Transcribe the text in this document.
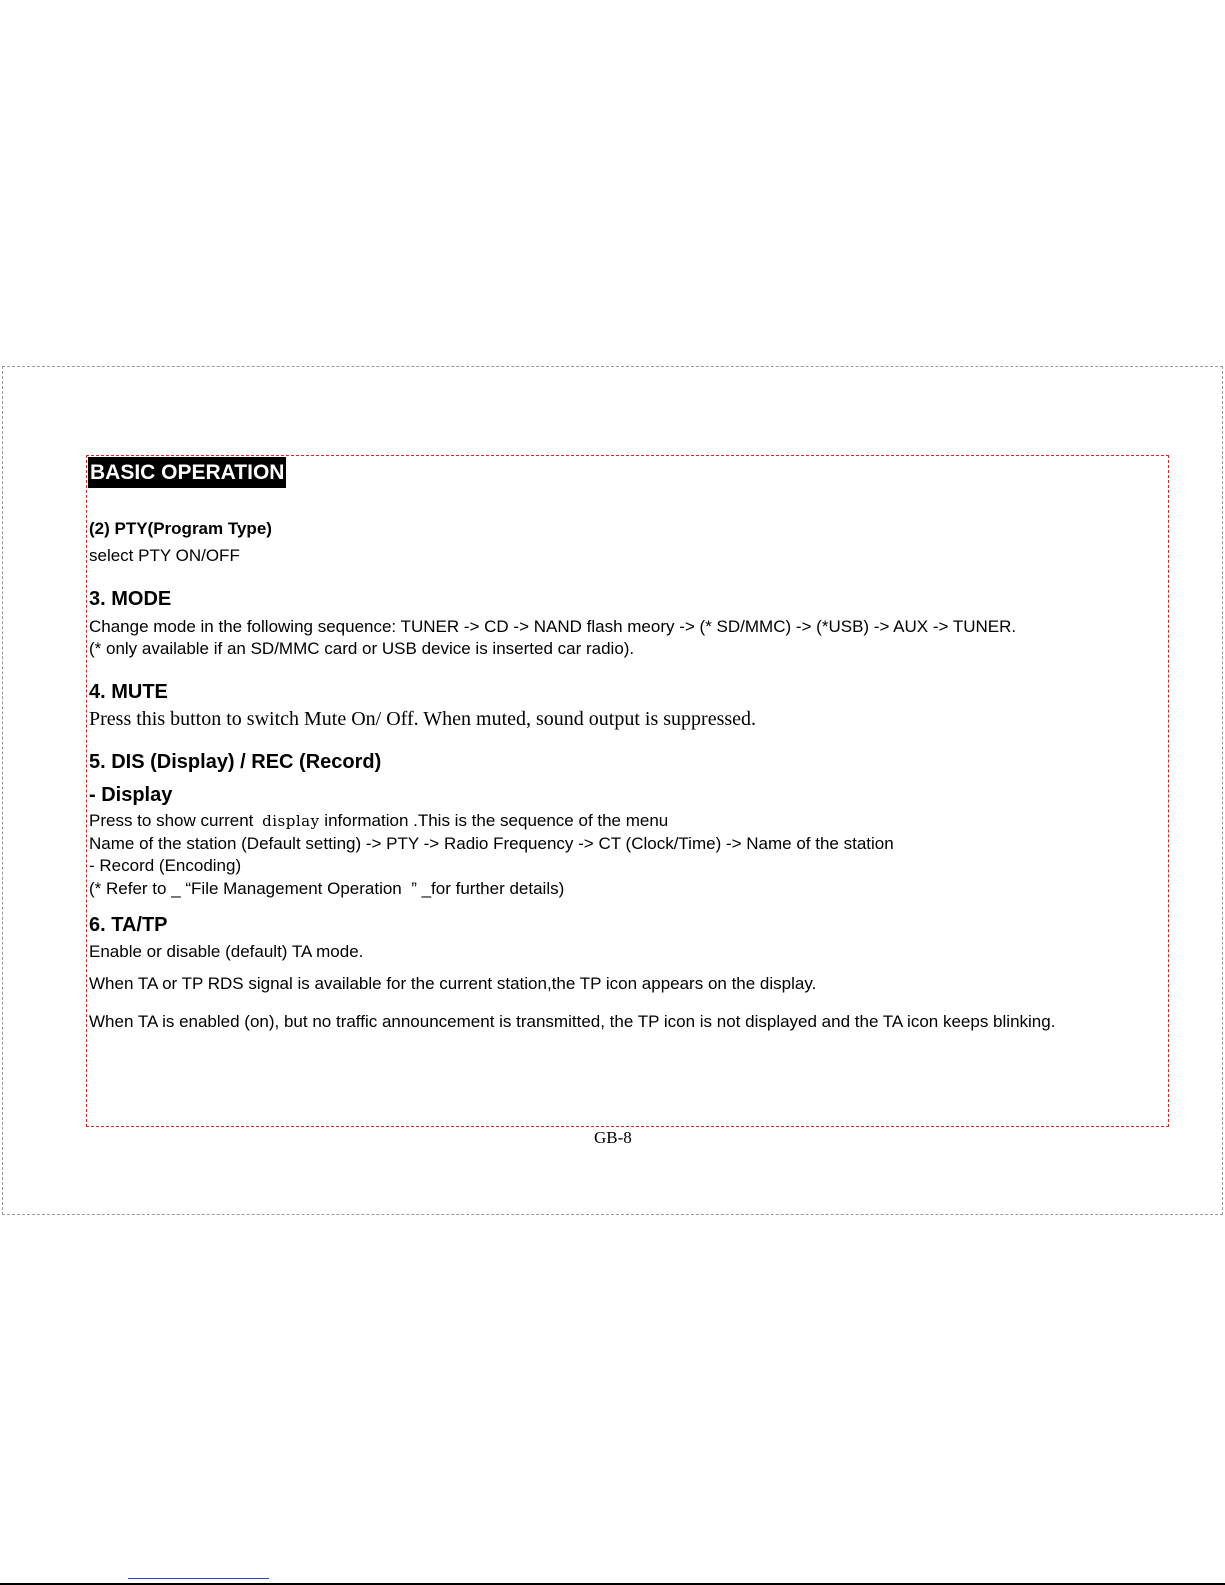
BASIC OPERATION
(2) PTY(Program Type)
select PTY ON/OFF
3. MODE
Change mode in the following sequence: TUNER -> CD -> NAND flash meory -> (* SD/MMC) -> (*USB) -> AUX -> TUNER.
(* only available if an SD/MMC card or USB device is inserted car radio).
4. MUTE
Press this button to switch Mute On/ Off. When muted, sound output is suppressed.
5. DIS (Display) / REC (Record)
- Display
Press to show current display information .This is the sequence of the menu
Name of the station (Default setting) -> PTY -> Radio Frequency -> CT (Clock/Time) -> Name of the station
- Record (Encoding)
(* Refer to _ “File Management Operation  ” _for further details)
6. TA/TP
Enable or disable (default) TA mode.
When TA or TP RDS signal is available for the current station,the TP icon appears on the display.
When TA is enabled (on), but no traffic announcement is transmitted, the TP icon is not displayed and the TA icon keeps blinking.
GB-8
